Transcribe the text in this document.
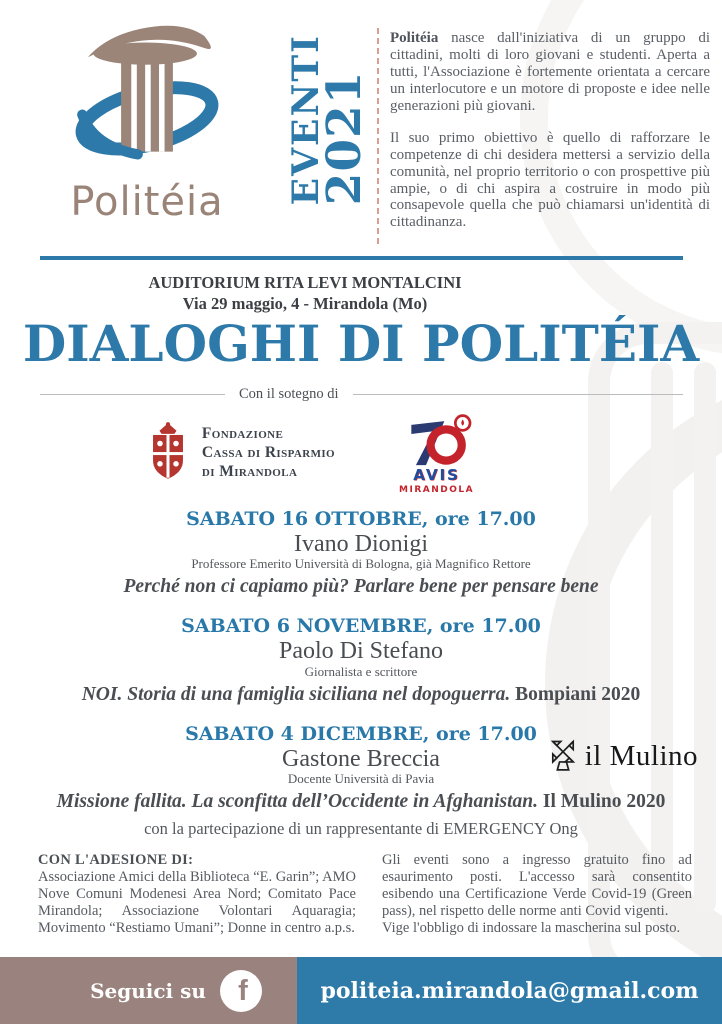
Politéia	EVENTI
2021

Politéia nasce dall'iniziativa di un gruppo di cittadini, molti di loro giovani e studenti. Aperta a tutti, l'Associazione è fortemente orientata a cercare un interlocutore e un motore di proposte e idee nelle generazioni più giovani.

Il suo primo obiettivo è quello di rafforzare le competenze di chi desidera mettersi a servizio della comunità, nel proprio territorio o con prospettive più ampie, o di chi aspira a costruire in modo più consapevole quella che può chiamarsi un'identità di cittadinanza.

AUDITORIUM RITA LEVI MONTALCINI
Via 29 maggio, 4 - Mirandola (Mo)
DIALOGHI DI POLITÉIA
Con il sotegno di
Fondazione
Cassa di Risparmio
di Mirandola	AVIS
MIRANDOLA
SABATO 16 OTTOBRE, ore 17.00
Ivano Dionigi
Professore Emerito Università di Bologna, già Magnifico Rettore
Perché non ci capiamo più? Parlare bene per pensare bene
SABATO 6 NOVEMBRE, ore 17.00
Paolo Di Stefano
Giornalista e scrittore
NOI. Storia di una famiglia siciliana nel dopoguerra. Bompiani 2020
SABATO 4 DICEMBRE, ore 17.00
Gastone Breccia
Docente Università di Pavia
Missione fallita. La sconfitta dell’Occidente in Afghanistan. Il Mulino 2020
con la partecipazione di un rappresentante di EMERGENCY Ong
il Mulino
CON L'ADESIONE DI:
Associazione Amici della Biblioteca “E. Garin”; AMO Nove Comuni Modenesi Area Nord; Comitato Pace Mirandola; Associazione Volontari Aquaragia; Movimento “Restiamo Umani”; Donne in centro a.p.s.

Gli eventi sono a ingresso gratuito fino ad esaurimento posti. L'accesso sarà consentito esibendo una Certificazione Verde Covid-19 (Green pass), nel rispetto delle norme anti Covid vigenti.

Vige l'obbligo di indossare la mascherina sul posto.

Seguici su f	politeia.mirandola@gmail.com
